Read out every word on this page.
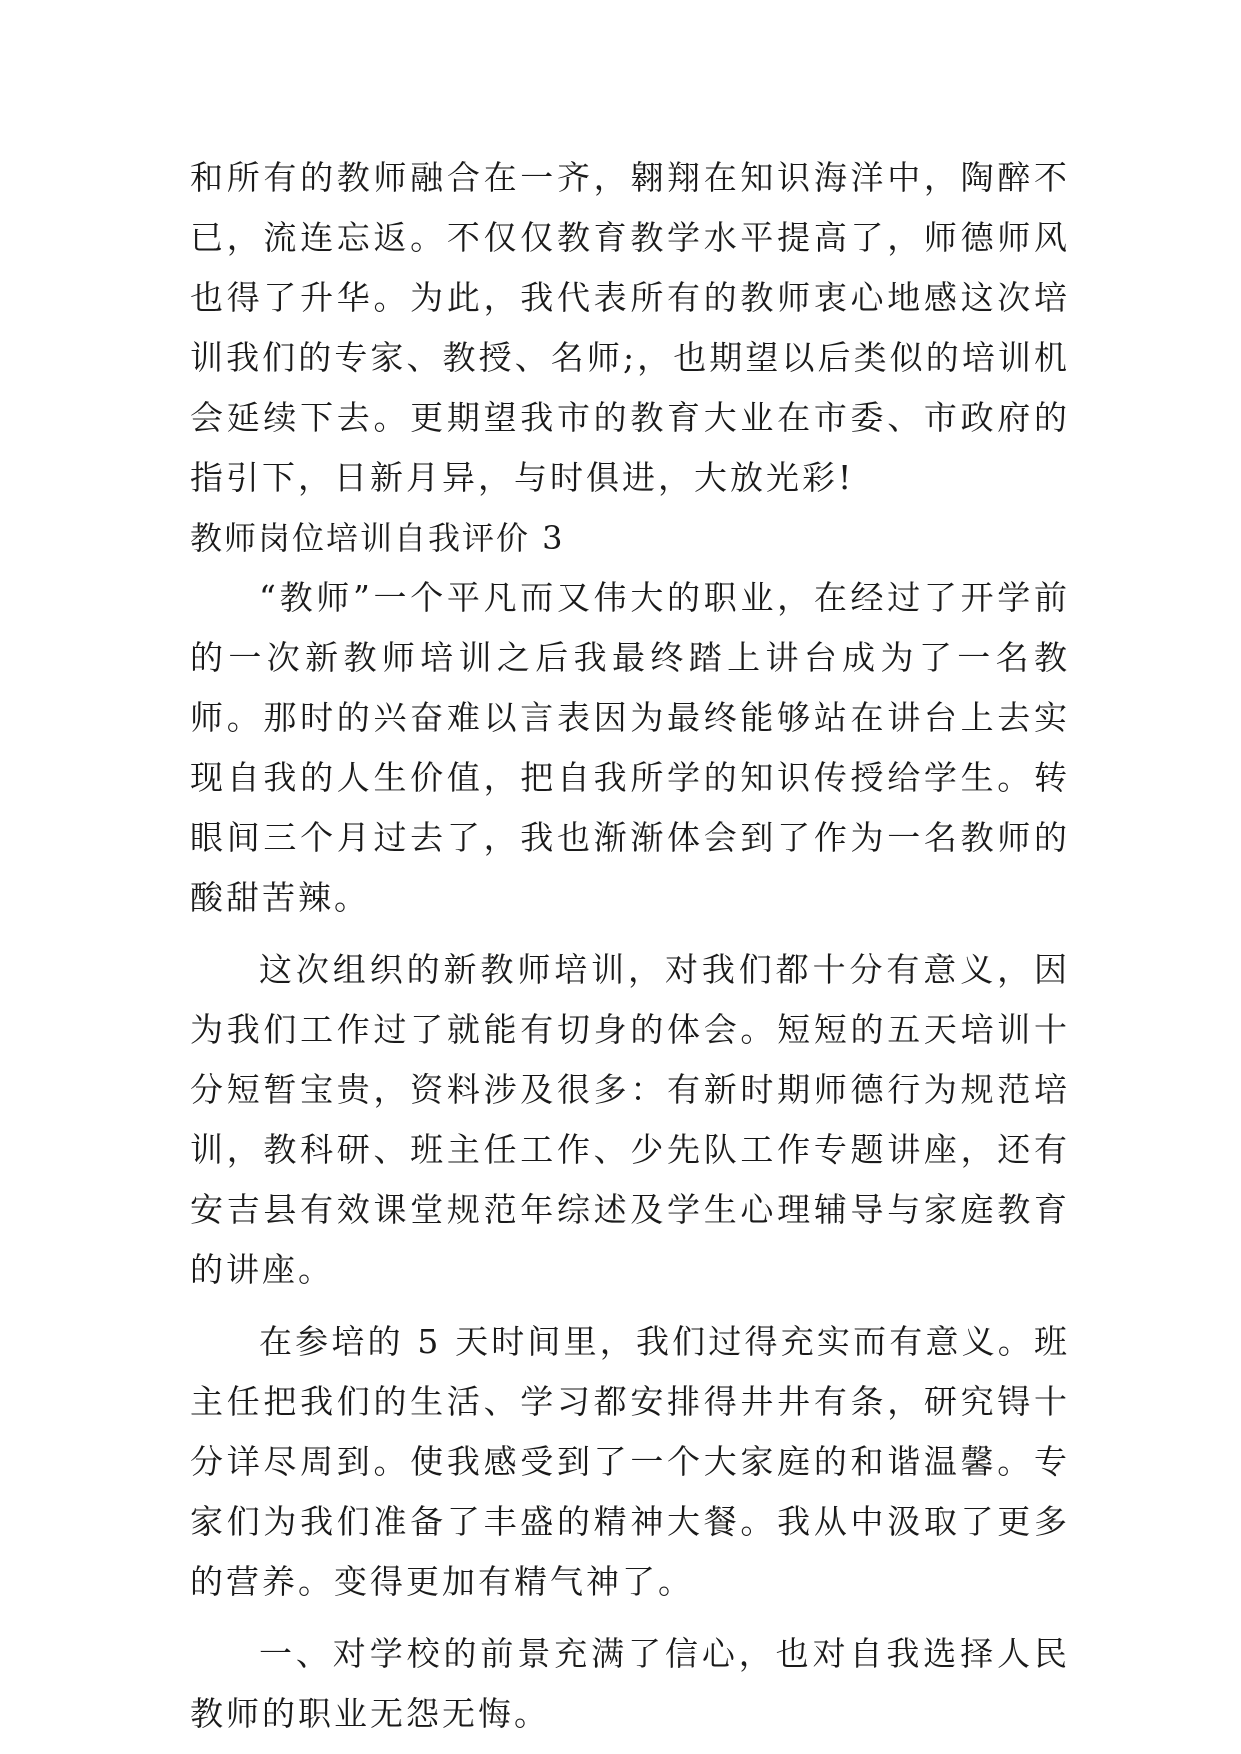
和所有的教师融合在一齐，翱翔在知识海洋中，陶醉不已，流连忘返。不仅仅教育教学水平提高了，师德师风也得了升华。为此，我代表所有的教师衷心地感这次培训我们的专家、教授、名师;，也期望以后类似的培训机会延续下去。更期望我市的教育大业在市委、市政府的指引下，日新月异，与时俱进，大放光彩!

教师岗位培训自我评价 3

“教师”一个平凡而又伟大的职业，在经过了开学前的一次新教师培训之后我最终踏上讲台成为了一名教师。那时的兴奋难以言表因为最终能够站在讲台上去实现自我的人生价值，把自我所学的知识传授给学生。转眼间三个月过去了，我也渐渐体会到了作为一名教师的酸甜苦辣。

这次组织的新教师培训，对我们都十分有意义，因为我们工作过了就能有切身的体会。短短的五天培训十分短暂宝贵，资料涉及很多：有新时期师德行为规范培训，教科研、班主任工作、少先队工作专题讲座，还有安吉县有效课堂规范年综述及学生心理辅导与家庭教育的讲座。

在参培的 5 天时间里，我们过得充实而有意义。班主任把我们的生活、学习都安排得井井有条，研究锝十分详尽周到。使我感受到了一个大家庭的和谐温馨。专家们为我们准备了丰盛的精神大餐。我从中汲取了更多的营养。变得更加有精气神了。

一、对学校的前景充满了信心，也对自我选择人民教师的职业无怨无悔。
